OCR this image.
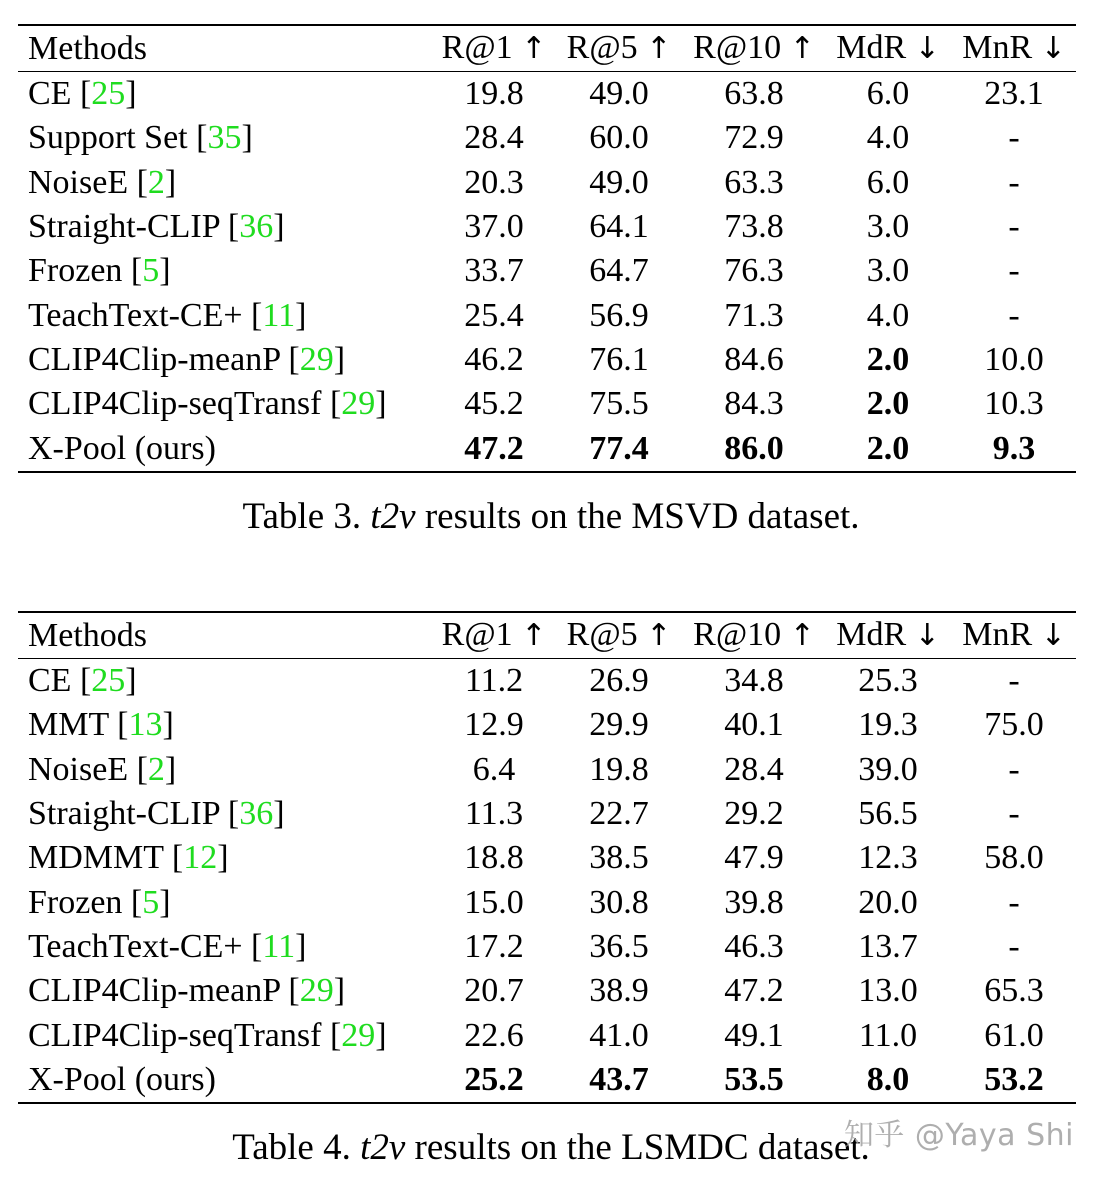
Methods	R@1 ↑	R@5 ↑	R@10 ↑	MdR ↓	MnR ↓
CE [25]	19.8	49.0	63.8	6.0	23.1
Support Set [35]	28.4	60.0	72.9	4.0	-
NoiseE [2]	20.3	49.0	63.3	6.0	-
Straight-CLIP [36]	37.0	64.1	73.8	3.0	-
Frozen [5]	33.7	64.7	76.3	3.0	-
TeachText-CE+ [11]	25.4	56.9	71.3	4.0	-
CLIP4Clip-meanP [29]	46.2	76.1	84.6	2.0	10.0
CLIP4Clip-seqTransf [29]	45.2	75.5	84.3	2.0	10.3
X-Pool (ours)	47.2	77.4	86.0	2.0	9.3
Table 3. t2v results on the MSVD dataset.
Methods	R@1 ↑	R@5 ↑	R@10 ↑	MdR ↓	MnR ↓
CE [25]	11.2	26.9	34.8	25.3	-
MMT [13]	12.9	29.9	40.1	19.3	75.0
NoiseE [2]	6.4	19.8	28.4	39.0	-
Straight-CLIP [36]	11.3	22.7	29.2	56.5	-
MDMMT [12]	18.8	38.5	47.9	12.3	58.0
Frozen [5]	15.0	30.8	39.8	20.0	-
TeachText-CE+ [11]	17.2	36.5	46.3	13.7	-
CLIP4Clip-meanP [29]	20.7	38.9	47.2	13.0	65.3
CLIP4Clip-seqTransf [29]	22.6	41.0	49.1	11.0	61.0
X-Pool (ours)	25.2	43.7	53.5	8.0	53.2
Table 4. t2v results on the LSMDC dataset.
知乎 @Yaya Shi
